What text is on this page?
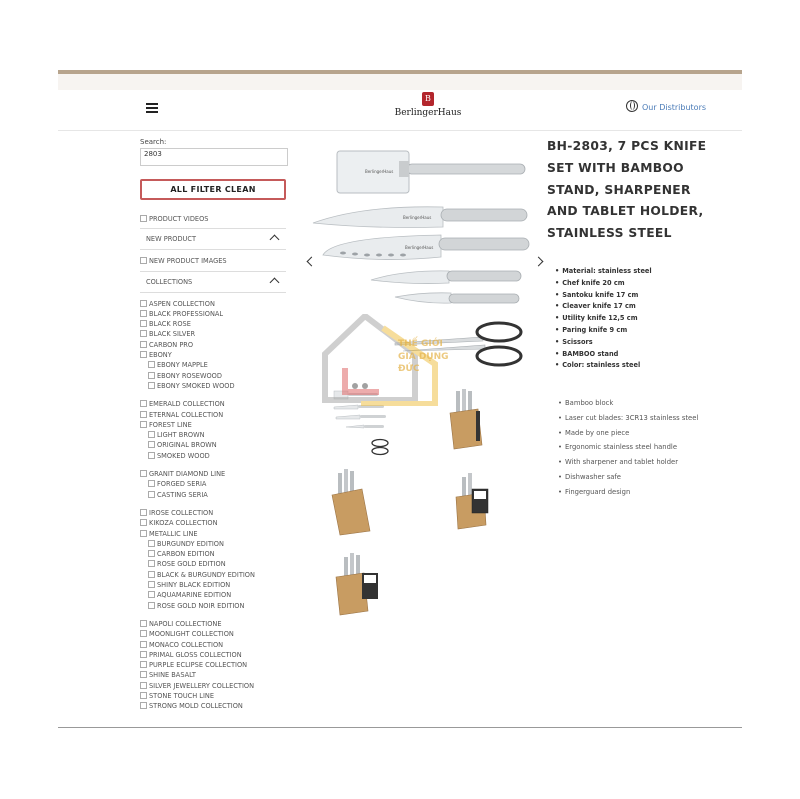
B
BerlingerHaus
Our Distributors
Search:
2803
ALL FILTER CLEAN
PRODUCT VIDEOS
NEW PRODUCT
NEW PRODUCT IMAGES
COLLECTIONS
ASPEN COLLECTION
BLACK PROFESSIONAL
BLACK ROSE
BLACK SILVER
CARBON PRO
EBONY
EBONY MAPPLE
EBONY ROSEWOOD
EBONY SMOKED WOOD
EMERALD COLLECTION
ETERNAL COLLECTION
FOREST LINE
LIGHT BROWN
ORIGINAL BROWN
SMOKED WOOD
GRANIT DIAMOND LINE
FORGED SERIA
CASTING SERIA
IROSE COLLECTION
KIKOZA COLLECTION
METALLIC LINE
BURGUNDY EDITION
CARBON EDITION
ROSE GOLD EDITION
BLACK & BURGUNDY EDITION
SHINY BLACK EDITION
AQUAMARINE EDITION
ROSE GOLD NOIR EDITION
NAPOLI COLLECTIONE
MOONLIGHT COLLECTION
MONACO COLLECTION
PRIMAL GLOSS COLLECTION
PURPLE ECLIPSE COLLECTION
SHINE BASALT
SILVER JEWELLERY COLLECTION
STONE TOUCH LINE
STRONG MOLD COLLECTION
BerlingerHaus
BerlingerHaus
BerlingerHaus
BH-2803, 7 PCS KNIFE SET WITH BAMBOO STAND, SHARPENER AND TABLET HOLDER, STAINLESS STEEL
• Material: stainless steel
• Chef knife 20 cm
• Santoku knife 17 cm
• Cleaver knife 17 cm
• Utility knife 12,5 cm
• Paring knife 9 cm
• Scissors
• BAMBOO stand
• Color: stainless steel
• Bamboo block
• Laser cut blades: 3CR13 stainless steel
• Made by one piece
• Ergonomic stainless steel handle
• With sharpener and tablet holder
• Dishwasher safe
• Fingerguard design
THẾ GIỚI
GIA DỤNG
ĐỨC
